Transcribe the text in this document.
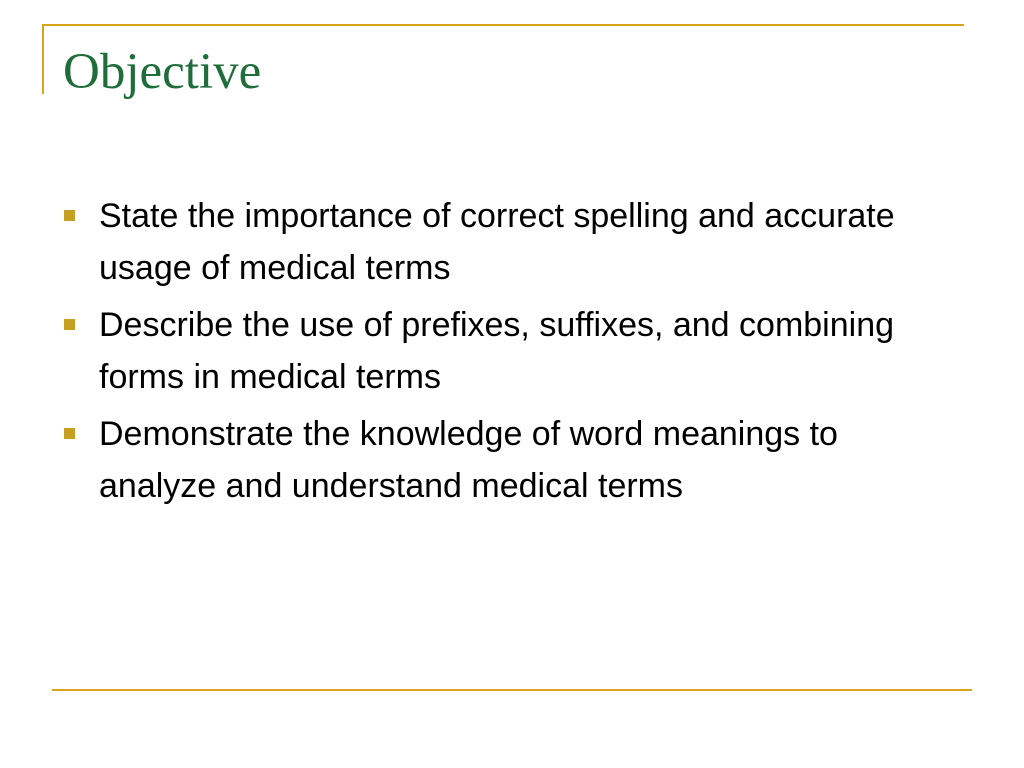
Objective
State the importance of correct spelling and accurate usage of medical terms
Describe the use of prefixes, suffixes, and combining forms in medical terms
Demonstrate the knowledge of word meanings to analyze and understand medical terms
